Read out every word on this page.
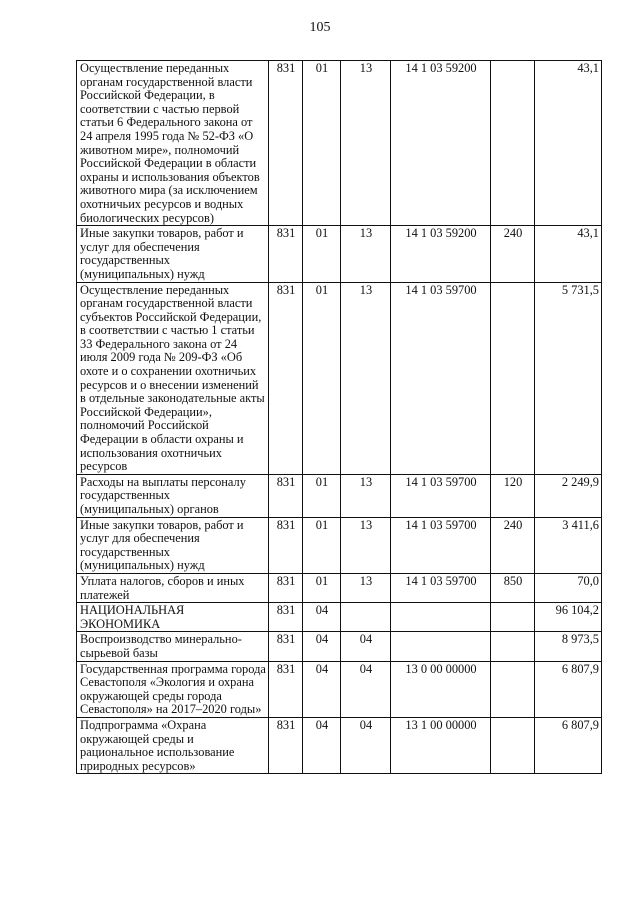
105
Осуществление переданных органам государственной власти Российской Федерации, в соответствии с частью первой статьи 6 Федерального закона от 24 апреля 1995 года № 52-ФЗ «О животном мире», полномочий Российской Федерации в области охраны и использования объектов животного мира (за исключением охотничьих ресурсов и водных биологических ресурсов)	831	01	13	14 1 03 59200		43,1
Иные закупки товаров, работ и услуг для обеспечения государственных (муниципальных) нужд	831	01	13	14 1 03 59200	240	43,1
Осуществление переданных органам государственной власти субъектов Российской Федерации, в соответствии с частью 1 статьи 33 Федерального закона от 24 июля 2009 года № 209-ФЗ «Об охоте и о сохранении охотничьих ресурсов и о внесении изменений в отдельные законодательные акты Российской Федерации», полномочий Российской Федерации в области охраны и использования охотничьих ресурсов	831	01	13	14 1 03 59700		5 731,5
Расходы на выплаты персоналу государственных (муниципальных) органов	831	01	13	14 1 03 59700	120	2 249,9
Иные закупки товаров, работ и услуг для обеспечения государственных (муниципальных) нужд	831	01	13	14 1 03 59700	240	3 411,6
Уплата налогов, сборов и иных платежей	831	01	13	14 1 03 59700	850	70,0
НАЦИОНАЛЬНАЯ ЭКОНОМИКА	831	04				96 104,2
Воспроизводство минерально-сырьевой базы	831	04	04			8 973,5
Государственная программа города Севастополя «Экология и охрана окружающей среды города Севастополя» на 2017–2020 годы»	831	04	04	13 0 00 00000		6 807,9
Подпрограмма «Охрана окружающей среды и рациональное использование природных ресурсов»	831	04	04	13 1 00 00000		6 807,9
